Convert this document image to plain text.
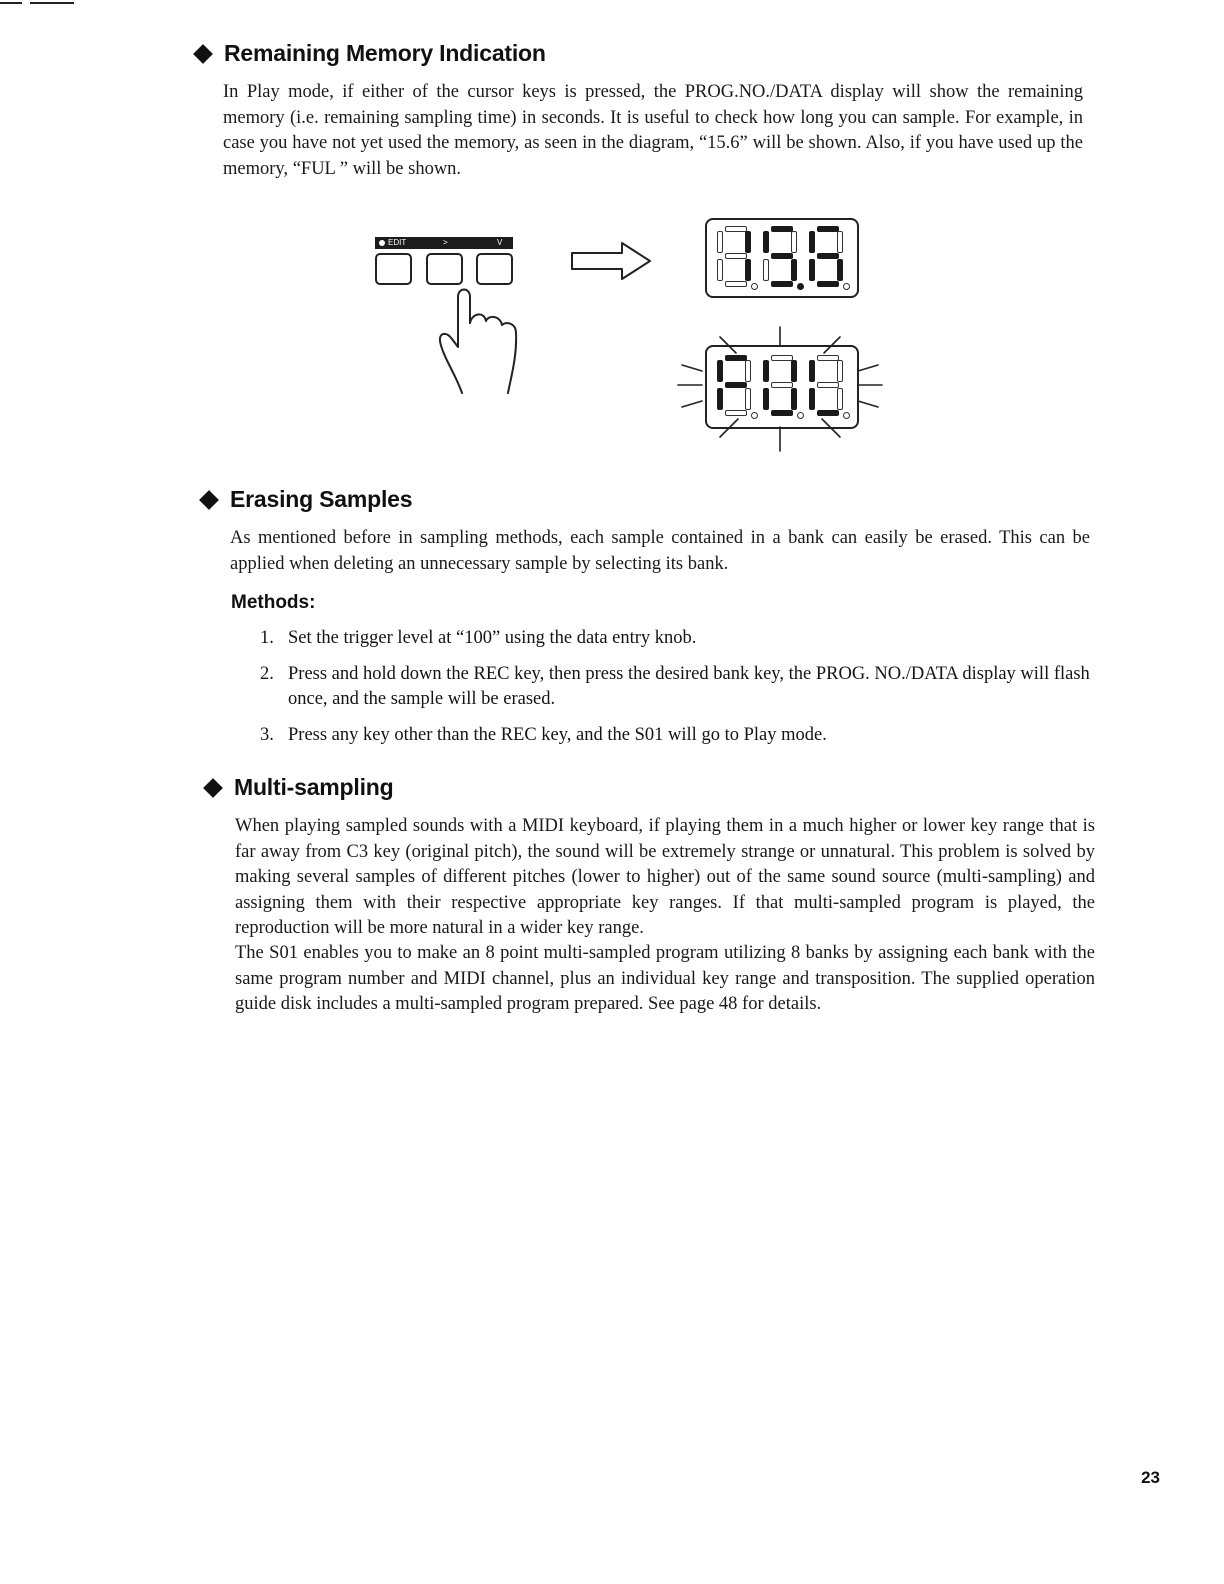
Remaining Memory Indication

In Play mode, if either of the cursor keys is pressed, the PROG.NO./DATA display will show the remaining memory (i.e. remaining sampling time) in seconds. It is useful to check how long you can sample. For example, in case you have not yet used the memory, as seen in the diagram, “15.6” will be shown. Also, if you have used up the memory, “FUL ” will be shown.

EDIT	>	V
Erasing Samples

As mentioned before in sampling methods, each sample contained in a bank can easily be erased. This can be applied when deleting an unnecessary sample by selecting its bank.

Methods:
1. Set the trigger level at “100” using the data entry knob.
2. Press and hold down the REC key, then press the desired bank key, the PROG. NO./DATA display will flash once, and the sample will be erased.
3. Press any key other than the REC key, and the S01 will go to Play mode.
Multi-sampling

When playing sampled sounds with a MIDI keyboard, if playing them in a much higher or lower key range that is far away from C3 key (original pitch), the sound will be extremely strange or unnatural. This problem is solved by making several samples of different pitches (lower to higher) out of the same sound source (multi-sampling) and assigning them with their respective appropriate key ranges. If that multi-sampled program is played, the reproduction will be more natural in a wider key range.

The S01 enables you to make an 8 point multi-sampled program utilizing 8 banks by assigning each bank with the same program number and MIDI channel, plus an individual key range and transposition. The supplied operation guide disk includes a multi-sampled program prepared. See page 48 for details.

23
